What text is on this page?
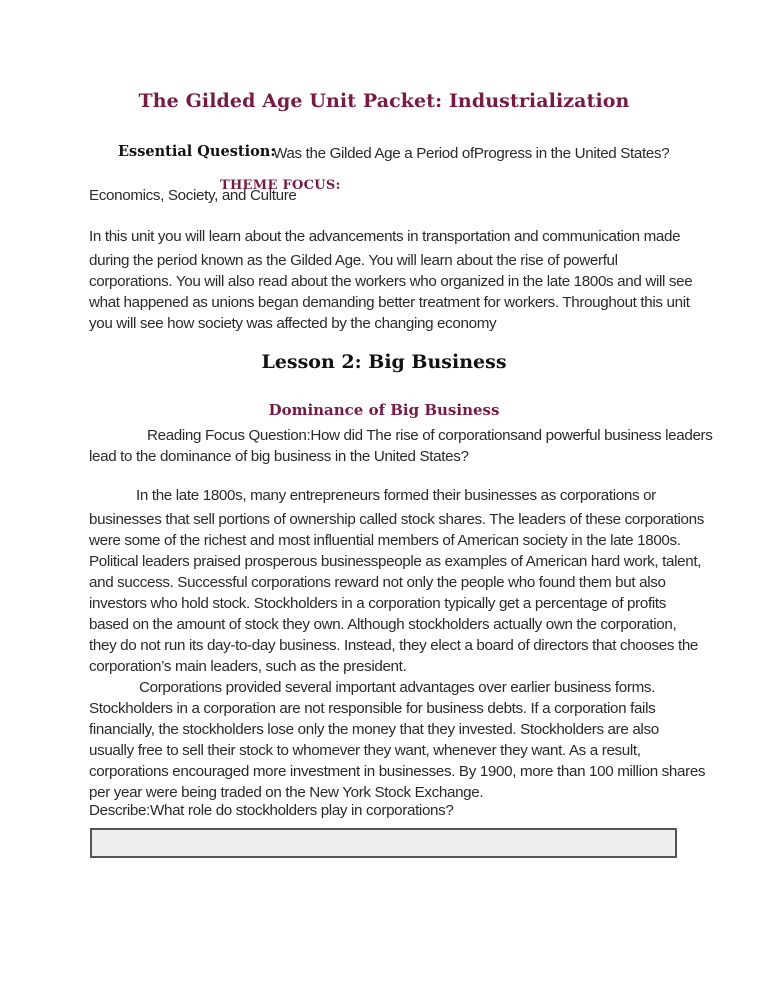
The Gilded Age Unit Packet: Industrialization
Essential Question:
Was the Gilded Age a Period ofProgress in the United States?
Economics, Society, and Culture
THEME FOCUS:
In this unit you will learn about the advancements in transportation and communication made
during the period known as the Gilded Age. You will learn about the rise of powerful
corporations. You will also read about the workers who organized in the late 1800s and will see
what happened as unions began demanding better treatment for workers. Throughout this unit
you will see how society was affected by the changing economy
Lesson 2: Big Business
Dominance of Big Business
Reading Focus Question:How did The rise of corporationsand powerful business leaders
lead to the dominance of big business in the United States?
In the late 1800s, many entrepreneurs formed their businesses as corporations or
businesses that sell portions of ownership called stock shares. The leaders of these corporations
were some of the richest and most influential members of American society in the late 1800s.
Political leaders praised prosperous businesspeople as examples of American hard work, talent,
and success. Successful corporations reward not only the people who found them but also
investors who hold stock. Stockholders in a corporation typically get a percentage of profits
based on the amount of stock they own. Although stockholders actually own the corporation,
they do not run its day-to-day business. Instead, they elect a board of directors that chooses the
corporation’s main leaders, such as the president.
Corporations provided several important advantages over earlier business forms.
Stockholders in a corporation are not responsible for business debts. If a corporation fails
financially, the stockholders lose only the money that they invested. Stockholders are also
usually free to sell their stock to whomever they want, whenever they want. As a result,
corporations encouraged more investment in businesses. By 1900, more than 100 million shares
per year were being traded on the New York Stock Exchange.
Describe:What role do stockholders play in corporations?
